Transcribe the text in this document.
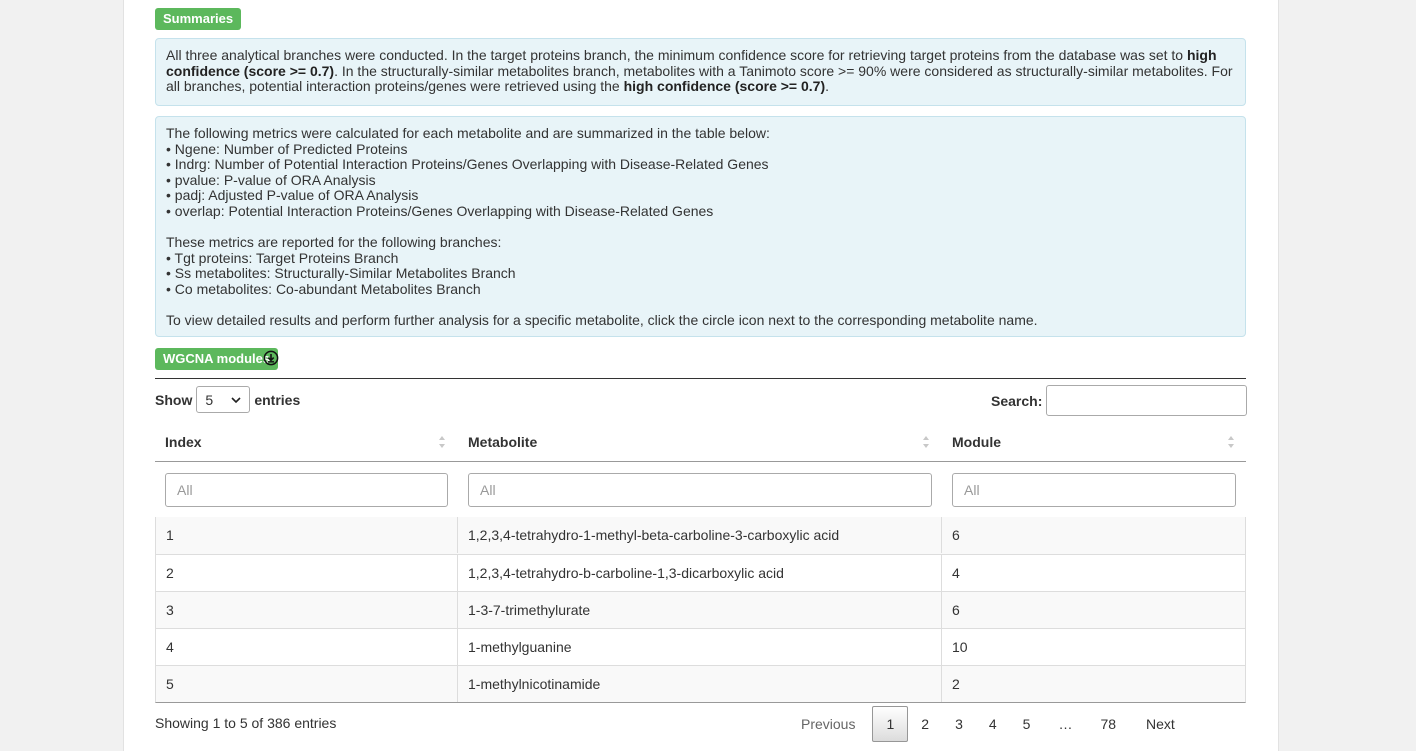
Summaries
All three analytical branches were conducted. In the target proteins branch, the minimum confidence score for retrieving target proteins from the database was set to high confidence (score >= 0.7). In the structurally-similar metabolites branch, metabolites with a Tanimoto score >= 90% were considered as structurally-similar metabolites. For all branches, potential interaction proteins/genes were retrieved using the high confidence (score >= 0.7).
The following metrics were calculated for each metabolite and are summarized in the table below:
• Ngene: Number of Predicted Proteins
• Indrg: Number of Potential Interaction Proteins/Genes Overlapping with Disease-Related Genes
• pvalue: P-value of ORA Analysis
• padj: Adjusted P-value of ORA Analysis
• overlap: Potential Interaction Proteins/Genes Overlapping with Disease-Related Genes
These metrics are reported for the following branches:
• Tgt proteins: Target Proteins Branch
• Ss metabolites: Structurally-Similar Metabolites Branch
• Co metabolites: Co-abundant Metabolites Branch
To view detailed results and perform further analysis for a specific metabolite, click the circle icon next to the corresponding metabolite name.
WGCNA modules
Show 5	entries	Search:
Index	Metabolite	Module
All	All	All
1	1,2,3,4-tetrahydro-1-methyl-beta-carboline-3-carboxylic acid	6
2	1,2,3,4-tetrahydro-b-carboline-1,3-dicarboxylic acid	4
3	1-3-7-trimethylurate	6
4	1-methylguanine	10
5	1-methylnicotinamide	2
Showing 1 to 5 of 386 entries	Previous	1	2	3	4	5	…	78	Next
